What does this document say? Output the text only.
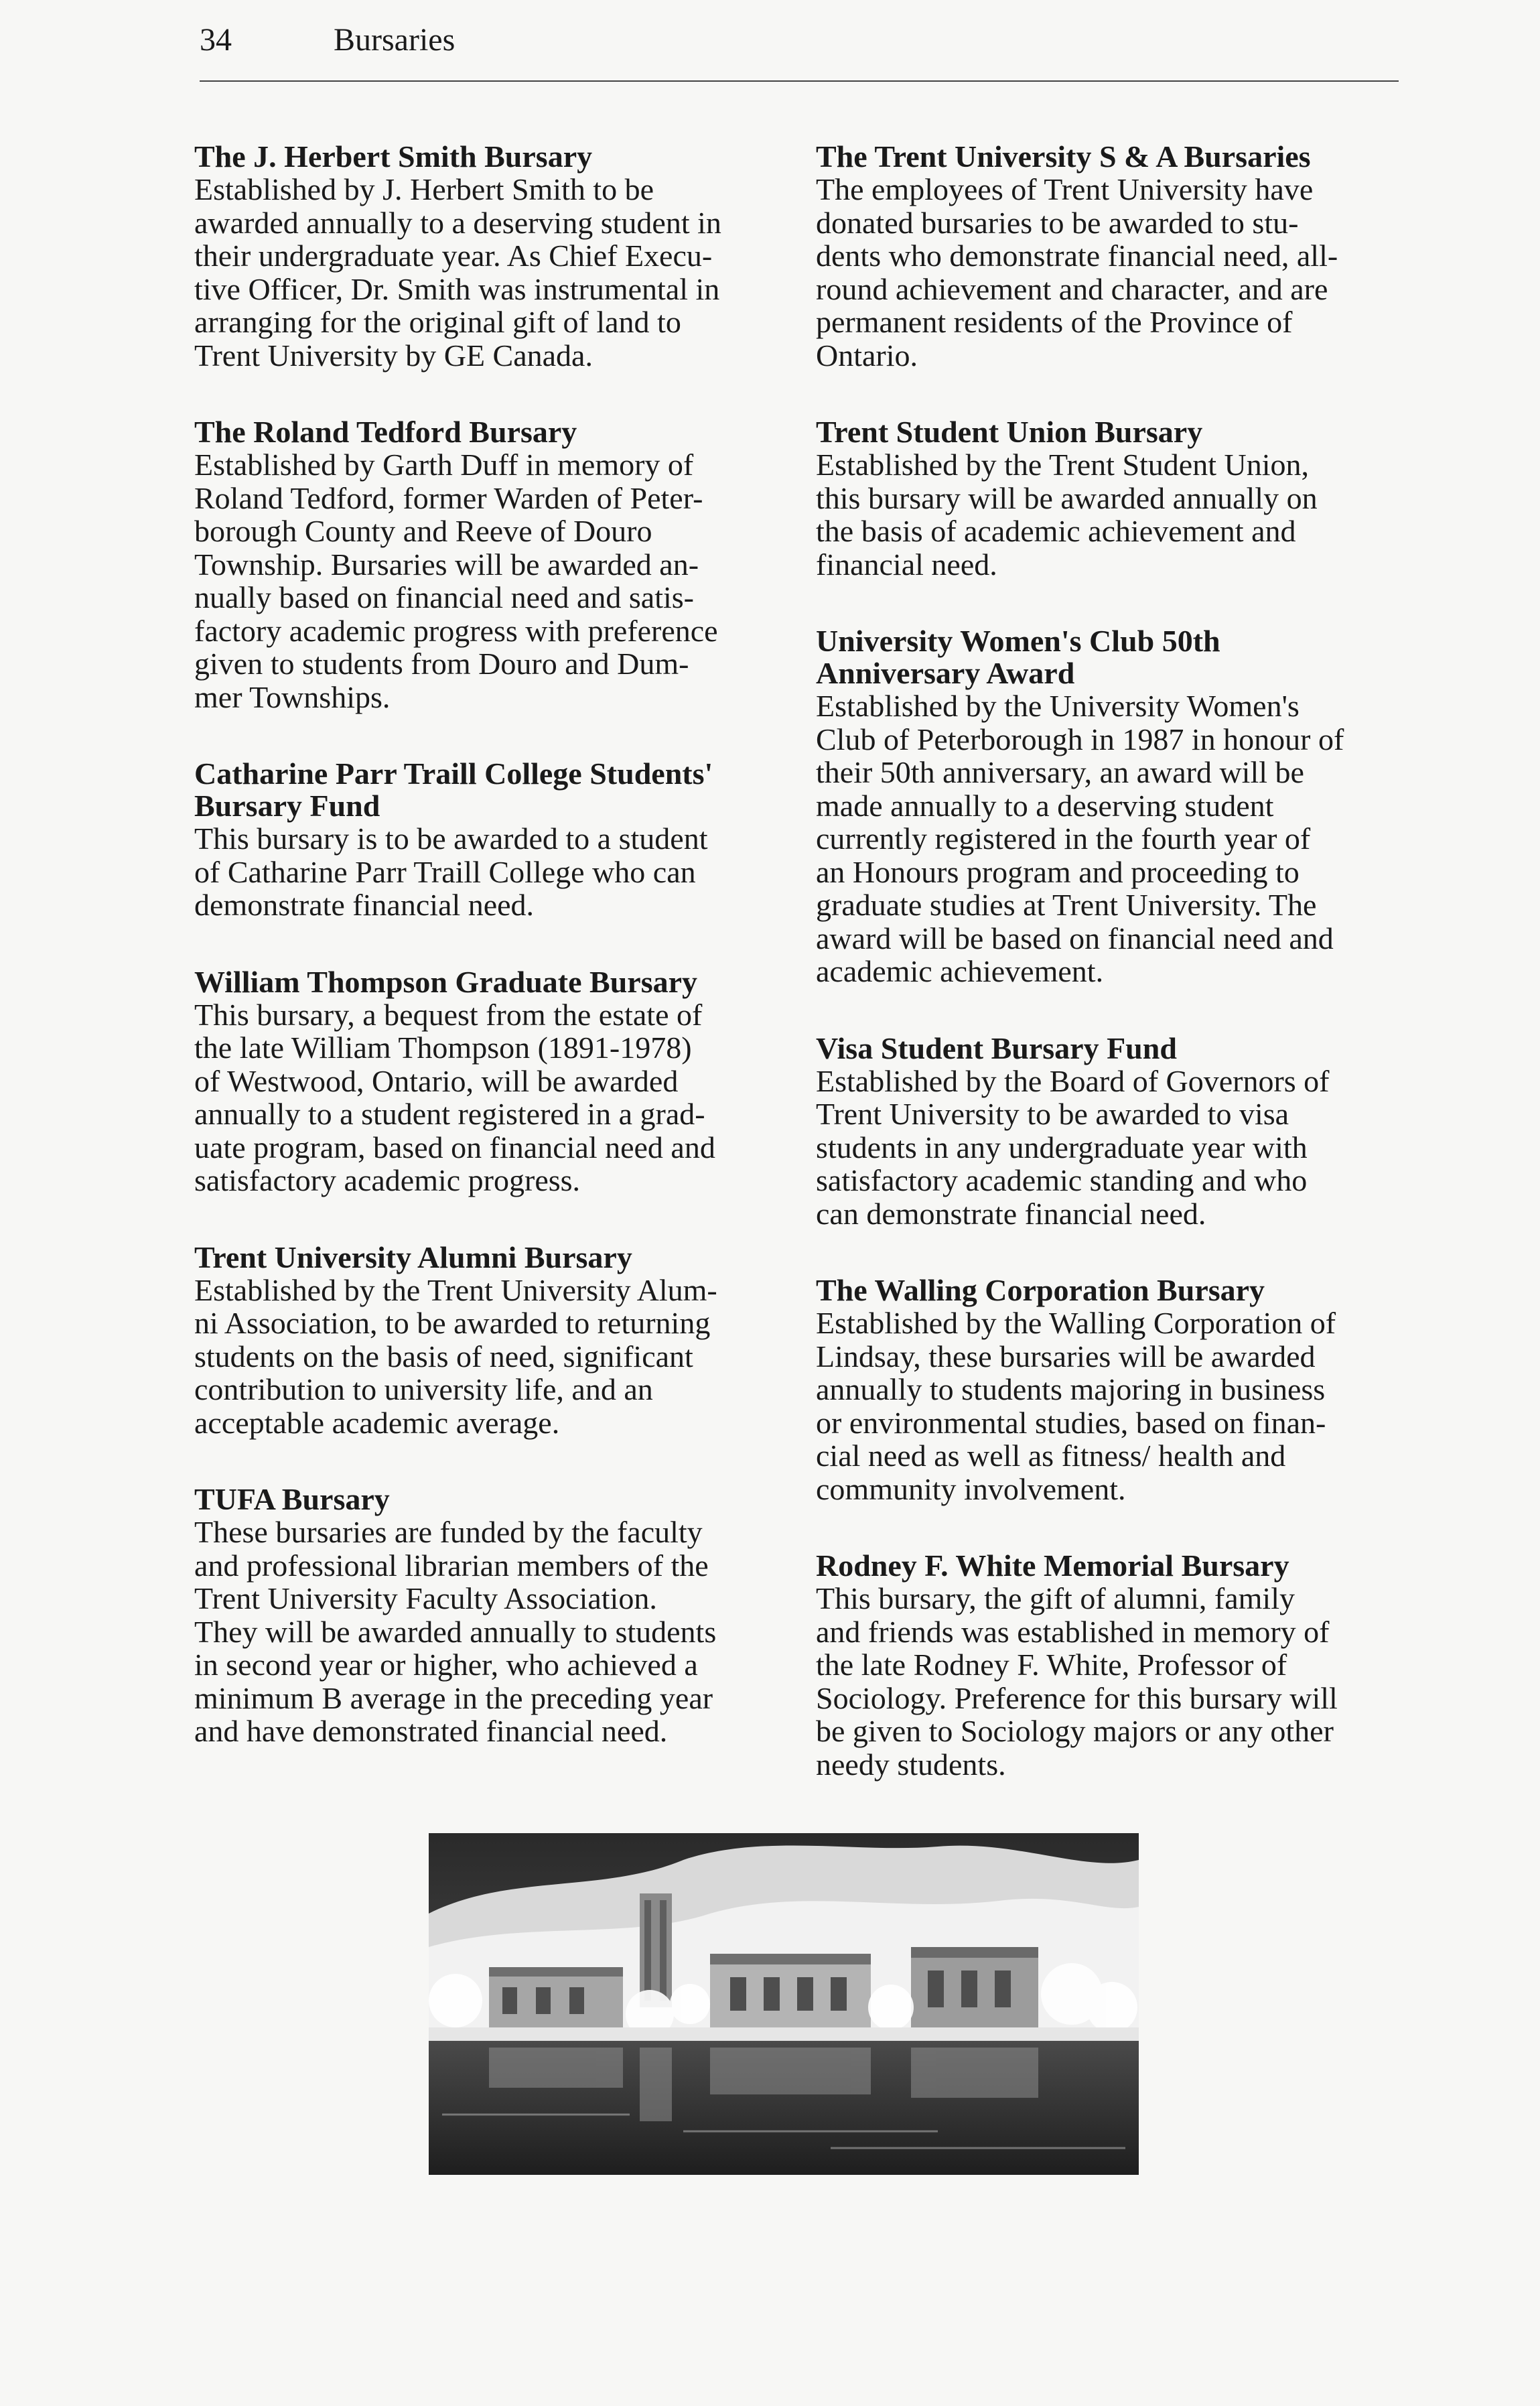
34	Bursaries

The J. Herbert Smith Bursary

Established by J. Herbert Smith to be
awarded annually to a deserving student in
their undergraduate year. As Chief Execu-
tive Officer, Dr. Smith was instrumental in
arranging for the original gift of land to
Trent University by GE Canada.

The Roland Tedford Bursary

Established by Garth Duff in memory of
Roland Tedford, former Warden of Peter-
borough County and Reeve of Douro
Township. Bursaries will be awarded an-
nually based on financial need and satis-
factory academic progress with preference
given to students from Douro and Dum-
mer Townships.

Catharine Parr Traill College Students'
Bursary Fund

This bursary is to be awarded to a student
of Catharine Parr Traill College who can
demonstrate financial need.

William Thompson Graduate Bursary

This bursary, a bequest from the estate of
the late William Thompson (1891-1978)
of Westwood, Ontario, will be awarded
annually to a student registered in a grad-
uate program, based on financial need and
satisfactory academic progress.

Trent University Alumni Bursary

Established by the Trent University Alum-
ni Association, to be awarded to returning
students on the basis of need, significant
contribution to university life, and an
acceptable academic average.

TUFA Bursary

These bursaries are funded by the faculty
and professional librarian members of the
Trent University Faculty Association.
They will be awarded annually to students
in second year or higher, who achieved a
minimum B average in the preceding year
and have demonstrated financial need.

The Trent University S & A Bursaries

The employees of Trent University have
donated bursaries to be awarded to stu-
dents who demonstrate financial need, all-
round achievement and character, and are
permanent residents of the Province of
Ontario.

Trent Student Union Bursary

Established by the Trent Student Union,
this bursary will be awarded annually on
the basis of academic achievement and
financial need.

University Women's Club 50th
Anniversary Award

Established by the University Women's
Club of Peterborough in 1987 in honour of
their 50th anniversary, an award will be
made annually to a deserving student
currently registered in the fourth year of
an Honours program and proceeding to
graduate studies at Trent University. The
award will be based on financial need and
academic achievement.

Visa Student Bursary Fund

Established by the Board of Governors of
Trent University to be awarded to visa
students in any undergraduate year with
satisfactory academic standing and who
can demonstrate financial need.

The Walling Corporation Bursary

Established by the Walling Corporation of
Lindsay, these bursaries will be awarded
annually to students majoring in business
or environmental studies, based on finan-
cial need as well as fitness/ health and
community involvement.

Rodney F. White Memorial Bursary

This bursary, the gift of alumni, family
and friends was established in memory of
the late Rodney F. White, Professor of
Sociology. Preference for this bursary will
be given to Sociology majors or any other
needy students.
